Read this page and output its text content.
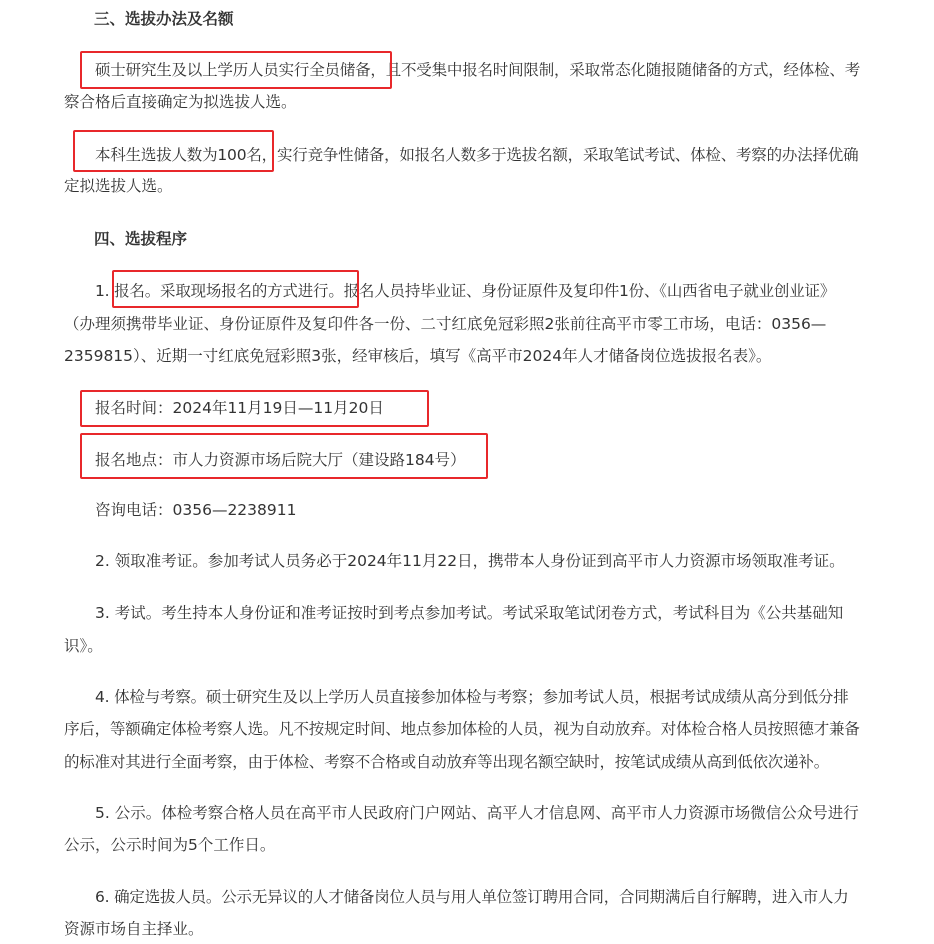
三、选拔办法及名额
硕士研究生及以上学历人员实行全员储备，且不受集中报名时间限制，采取常态化随报随储备的方式，经体检、考
察合格后直接确定为拟选拔人选。
本科生选拔人数为100名，实行竞争性储备，如报名人数多于选拔名额，采取笔试考试、体检、考察的办法择优确
定拟选拔人选。
四、选拔程序
1. 报名。采取现场报名的方式进行。报名人员持毕业证、身份证原件及复印件1份、《山西省电子就业创业证》
（办理须携带毕业证、身份证原件及复印件各一份、二寸红底免冠彩照2张前往高平市零工市场，电话：0356—
2359815）、近期一寸红底免冠彩照3张，经审核后，填写《高平市2024年人才储备岗位选拔报名表》。
报名时间：2024年11月19日—11月20日
报名地点：市人力资源市场后院大厅（建设路184号）
咨询电话：0356—2238911
2. 领取准考证。参加考试人员务必于2024年11月22日，携带本人身份证到高平市人力资源市场领取准考证。
3. 考试。考生持本人身份证和准考证按时到考点参加考试。考试采取笔试闭卷方式，考试科目为《公共基础知
识》。
4. 体检与考察。硕士研究生及以上学历人员直接参加体检与考察；参加考试人员，根据考试成绩从高分到低分排
序后，等额确定体检考察人选。凡不按规定时间、地点参加体检的人员，视为自动放弃。对体检合格人员按照德才兼备
的标准对其进行全面考察，由于体检、考察不合格或自动放弃等出现名额空缺时，按笔试成绩从高到低依次递补。
5. 公示。体检考察合格人员在高平市人民政府门户网站、高平人才信息网、高平市人力资源市场微信公众号进行
公示，公示时间为5个工作日。
6. 确定选拔人员。公示无异议的人才储备岗位人员与用人单位签订聘用合同，合同期满后自行解聘，进入市人力
资源市场自主择业。
